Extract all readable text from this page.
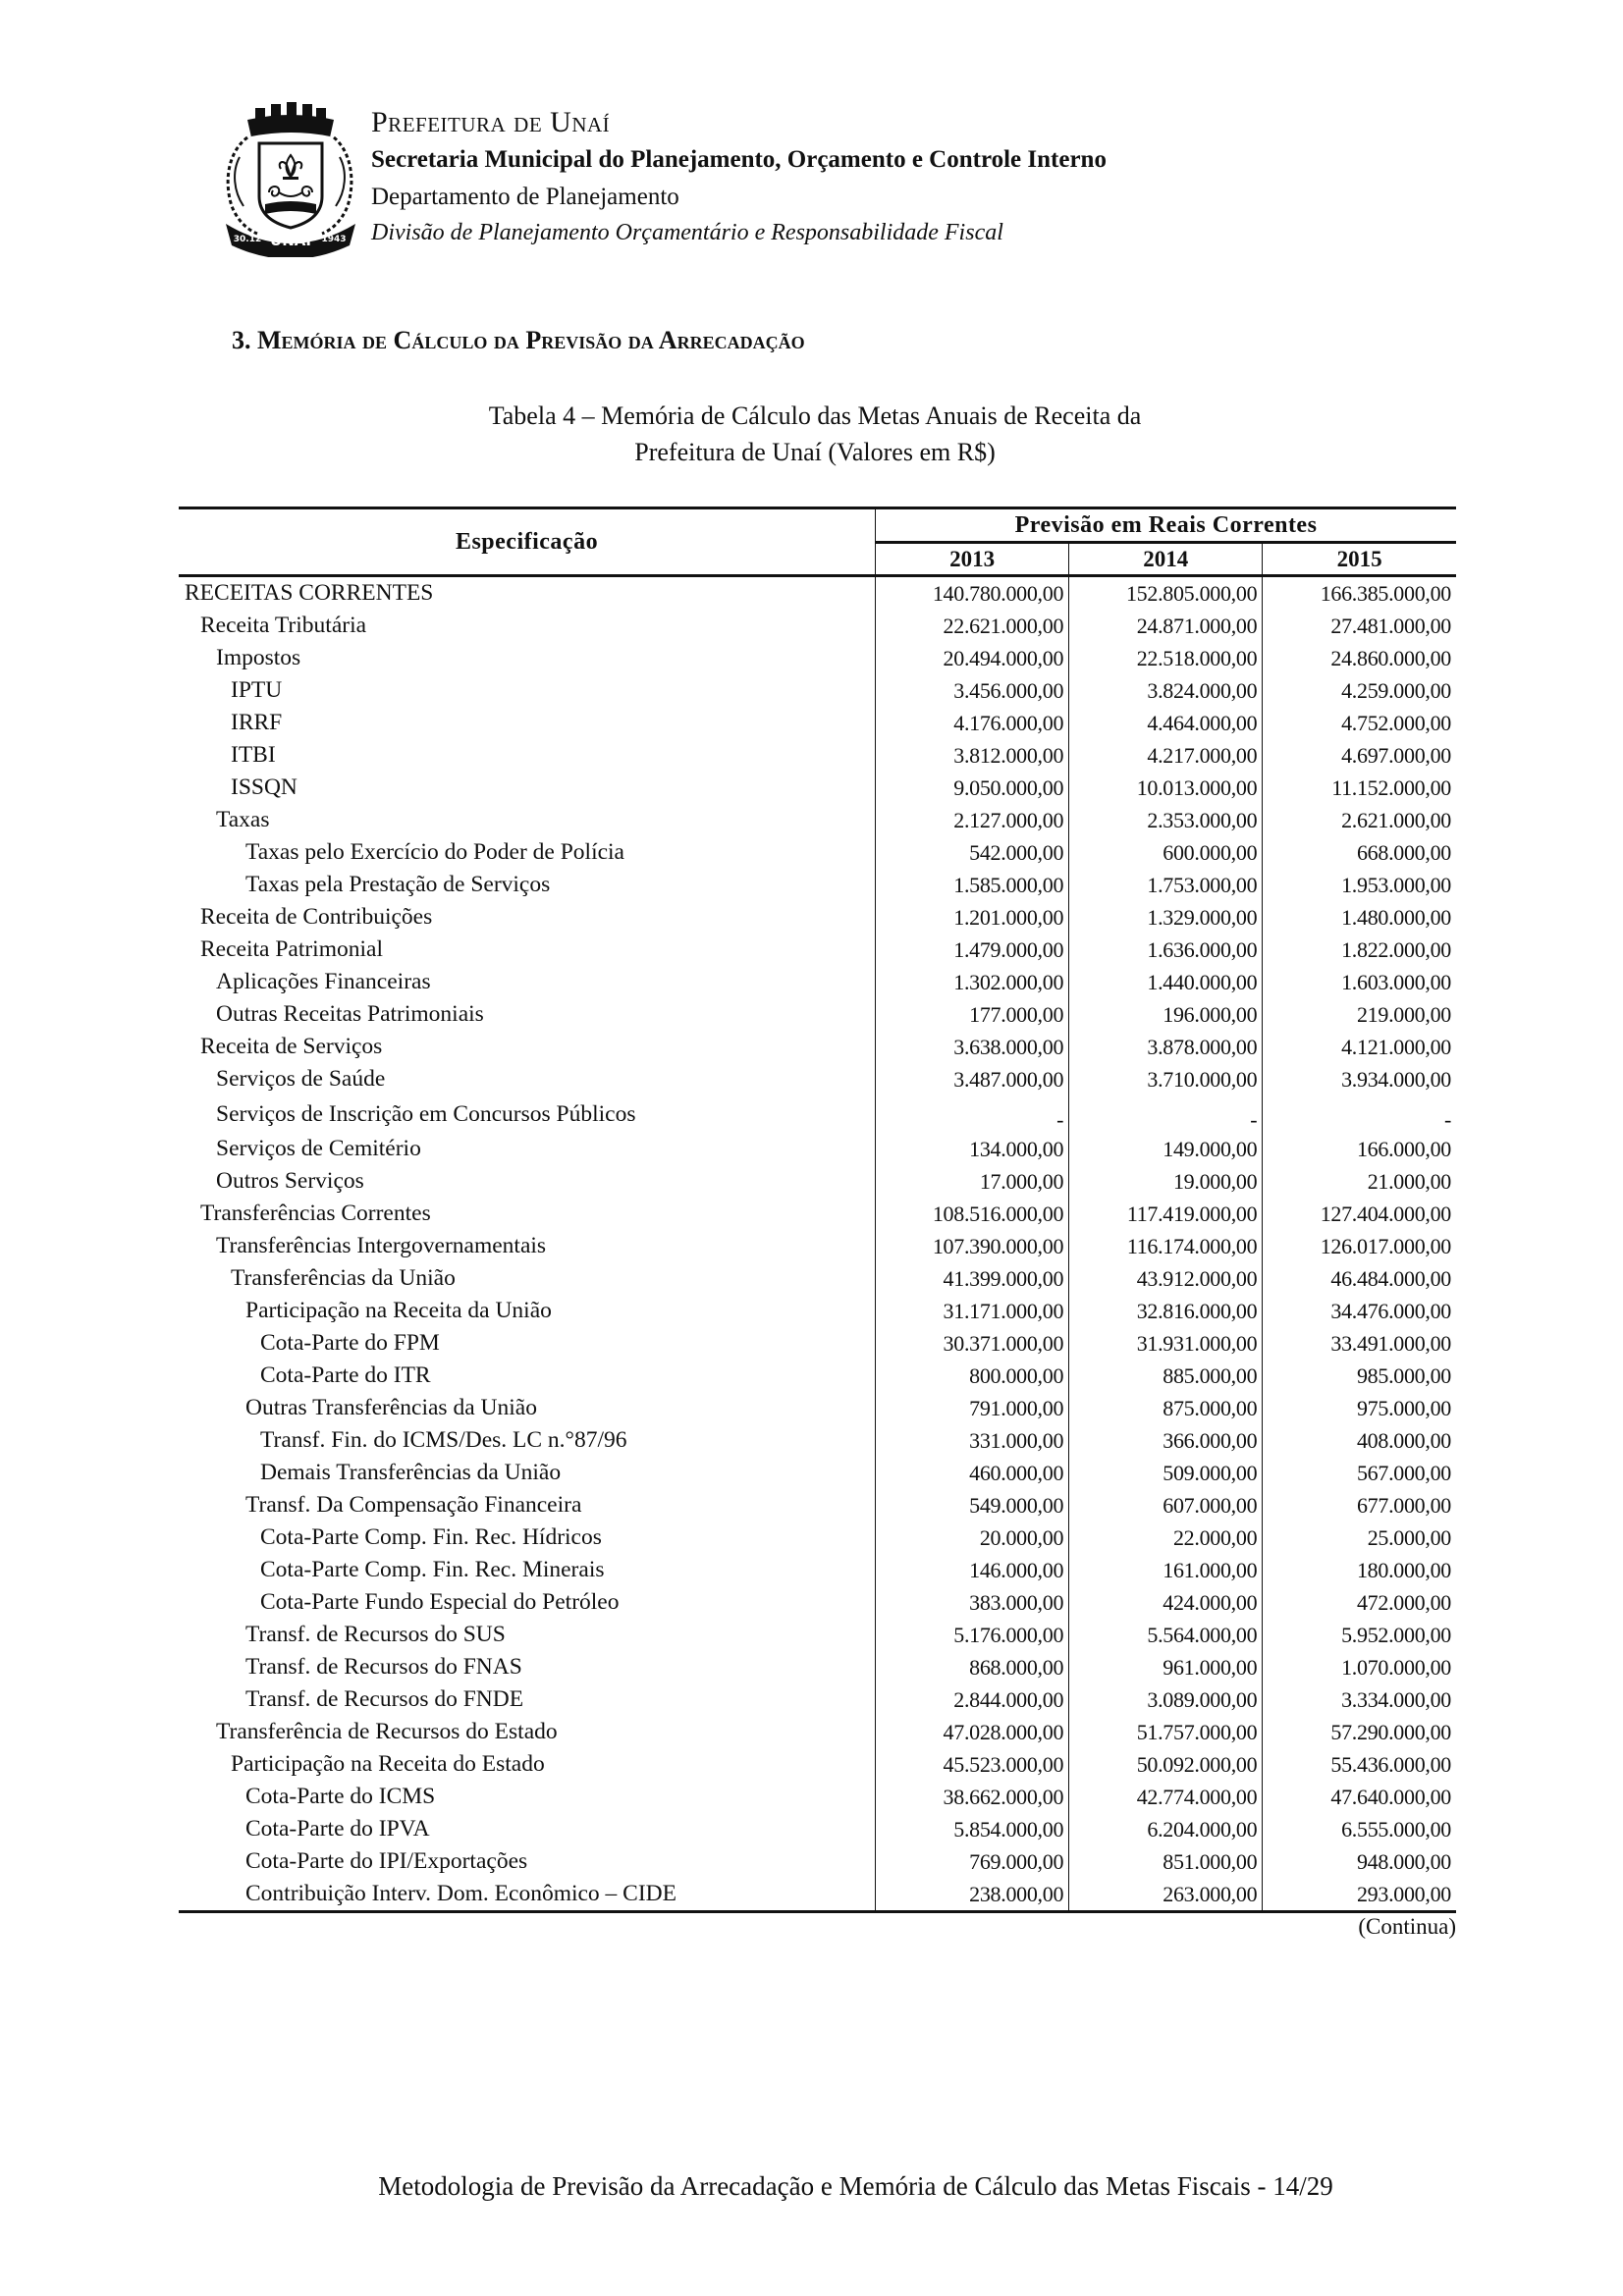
UNAÍ
30.12	1943
Prefeitura de Unaí
Secretaria Municipal do Planejamento, Orçamento e Controle Interno
Departamento de Planejamento
Divisão de Planejamento Orçamentário e Responsabilidade Fiscal
3. Memória de Cálculo da Previsão da Arrecadação
Tabela 4 – Memória de Cálculo das Metas Anuais de Receita da
Prefeitura de Unaí (Valores em R$)
Especificação	Previsão em Reais Correntes		
	2013	2014	2015
RECEITAS CORRENTES	140.780.000,00	152.805.000,00	166.385.000,00
Receita Tributária	22.621.000,00	24.871.000,00	27.481.000,00
Impostos	20.494.000,00	22.518.000,00	24.860.000,00
IPTU	3.456.000,00	3.824.000,00	4.259.000,00
IRRF	4.176.000,00	4.464.000,00	4.752.000,00
ITBI	3.812.000,00	4.217.000,00	4.697.000,00
ISSQN	9.050.000,00	10.013.000,00	11.152.000,00
Taxas	2.127.000,00	2.353.000,00	2.621.000,00
Taxas pelo Exercício do Poder de Polícia	542.000,00	600.000,00	668.000,00
Taxas pela Prestação de Serviços	1.585.000,00	1.753.000,00	1.953.000,00
Receita de Contribuições	1.201.000,00	1.329.000,00	1.480.000,00
Receita Patrimonial	1.479.000,00	1.636.000,00	1.822.000,00
Aplicações Financeiras	1.302.000,00	1.440.000,00	1.603.000,00
Outras Receitas Patrimoniais	177.000,00	196.000,00	219.000,00
Receita de Serviços	3.638.000,00	3.878.000,00	4.121.000,00
Serviços de Saúde	3.487.000,00	3.710.000,00	3.934.000,00
Serviços de Inscrição em Concursos Públicos	-	-	-
Serviços de Cemitério	134.000,00	149.000,00	166.000,00
Outros Serviços	17.000,00	19.000,00	21.000,00
Transferências Correntes	108.516.000,00	117.419.000,00	127.404.000,00
Transferências Intergovernamentais	107.390.000,00	116.174.000,00	126.017.000,00
Transferências da União	41.399.000,00	43.912.000,00	46.484.000,00
Participação na Receita da União	31.171.000,00	32.816.000,00	34.476.000,00
Cota-Parte do FPM	30.371.000,00	31.931.000,00	33.491.000,00
Cota-Parte do ITR	800.000,00	885.000,00	985.000,00
Outras Transferências da União	791.000,00	875.000,00	975.000,00
Transf. Fin. do ICMS/Des. LC n.°87/96	331.000,00	366.000,00	408.000,00
Demais Transferências da União	460.000,00	509.000,00	567.000,00
Transf. Da Compensação Financeira	549.000,00	607.000,00	677.000,00
Cota-Parte Comp. Fin. Rec. Hídricos	20.000,00	22.000,00	25.000,00
Cota-Parte Comp. Fin. Rec. Minerais	146.000,00	161.000,00	180.000,00
Cota-Parte Fundo Especial do Petróleo	383.000,00	424.000,00	472.000,00
Transf. de Recursos do SUS	5.176.000,00	5.564.000,00	5.952.000,00
Transf. de Recursos do FNAS	868.000,00	961.000,00	1.070.000,00
Transf. de Recursos do FNDE	2.844.000,00	3.089.000,00	3.334.000,00
Transferência de Recursos do Estado	47.028.000,00	51.757.000,00	57.290.000,00
Participação na Receita do Estado	45.523.000,00	50.092.000,00	55.436.000,00
Cota-Parte do ICMS	38.662.000,00	42.774.000,00	47.640.000,00
Cota-Parte do IPVA	5.854.000,00	6.204.000,00	6.555.000,00
Cota-Parte do IPI/Exportações	769.000,00	851.000,00	948.000,00
Contribuição Interv. Dom. Econômico – CIDE	238.000,00	263.000,00	293.000,00
(Continua)
Metodologia de Previsão da Arrecadação e Memória de Cálculo das Metas Fiscais - 14/29
